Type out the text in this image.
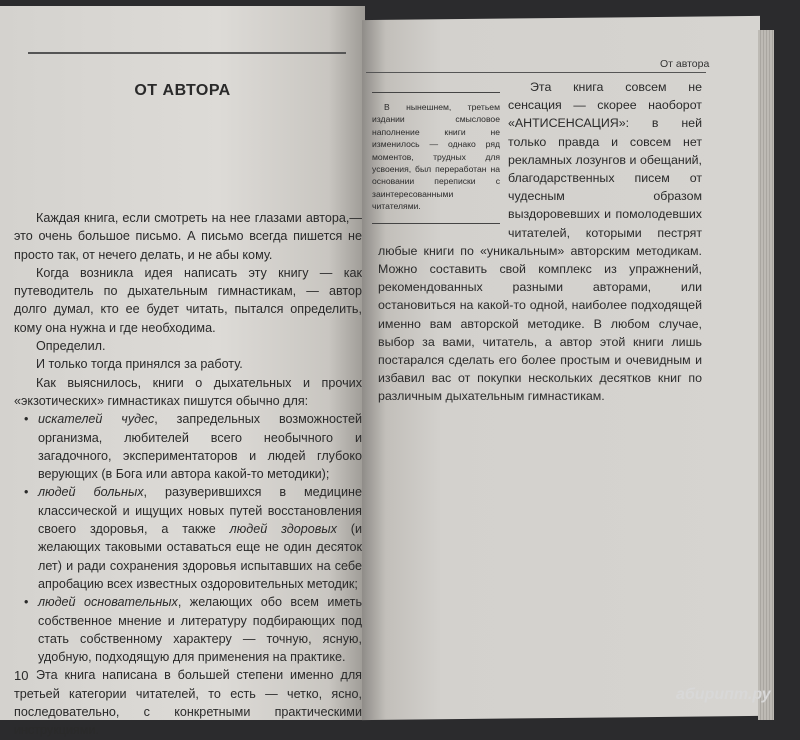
ОТ АВТОРА

Каждая книга, если смотреть на нее глазами автора,— это очень большое письмо. А письмо всегда пишется не просто так, от нечего делать, и не абы кому.

Когда возникла идея написать эту книгу — как путеводитель по дыхательным гимнастикам, — автор долго думал, кто ее будет читать, пытался определить, кому она нужна и где необходима.

Определил.

И только тогда принялся за работу.

Как выяснилось, книги о дыхательных и прочих «экзотических» гимнастиках пишутся обычно для:

• искателей чудес, запредельных возможностей организма, любителей всего необычного и загадочного, экспериментаторов и людей глубоко верующих (в Бога или автора какой-то методики);
• людей больных, разуверившихся в медицине классической и ищущих новых путей восстановления своего здоровья, а также людей здоровых (и желающих таковыми оставаться еще не один десяток лет) и ради сохранения здоровья испытавших на себе апробацию всех известных оздоровительных методик;
• людей основательных, желающих обо всем иметь собственное мнение и литературу подбирающих под стать собственному характеру — точную, ясную, удобную, подходящую для применения на практике.

Эта книга написана в большей степени именно для третьей категории читателей, то есть — четко, ясно, последовательно, с конкретными практическими инструкциями.

10
От автора
В нынешнем, третьем издании смысловое наполнение книги не изменилось — однако ряд моментов, трудных для усвоения, был переработан на основании переписки с заинтересованными читателями.

Эта книга совсем не сенсация — скорее наоборот «АНТИСЕНСАЦИЯ»: в ней только правда и совсем нет рекламных лозунгов и обещаний, благодарственных писем от чудесным образом выздоровевших и помолодевших читателей, которыми пестрят любые книги по «уникальным» авторским методикам. Можно составить свой комплекс из упражнений, рекомендованных разными авторами, или остановиться на какой-то одной, наиболее подходящей именно вам авторской методике. В любом случае, выбор за вами, читатель, а автор этой книги лишь постарался сделать его более простым и очевидным и избавил вас от покупки нескольких десятков книг по различным дыхательным гимнастикам.

абирипт.ру
